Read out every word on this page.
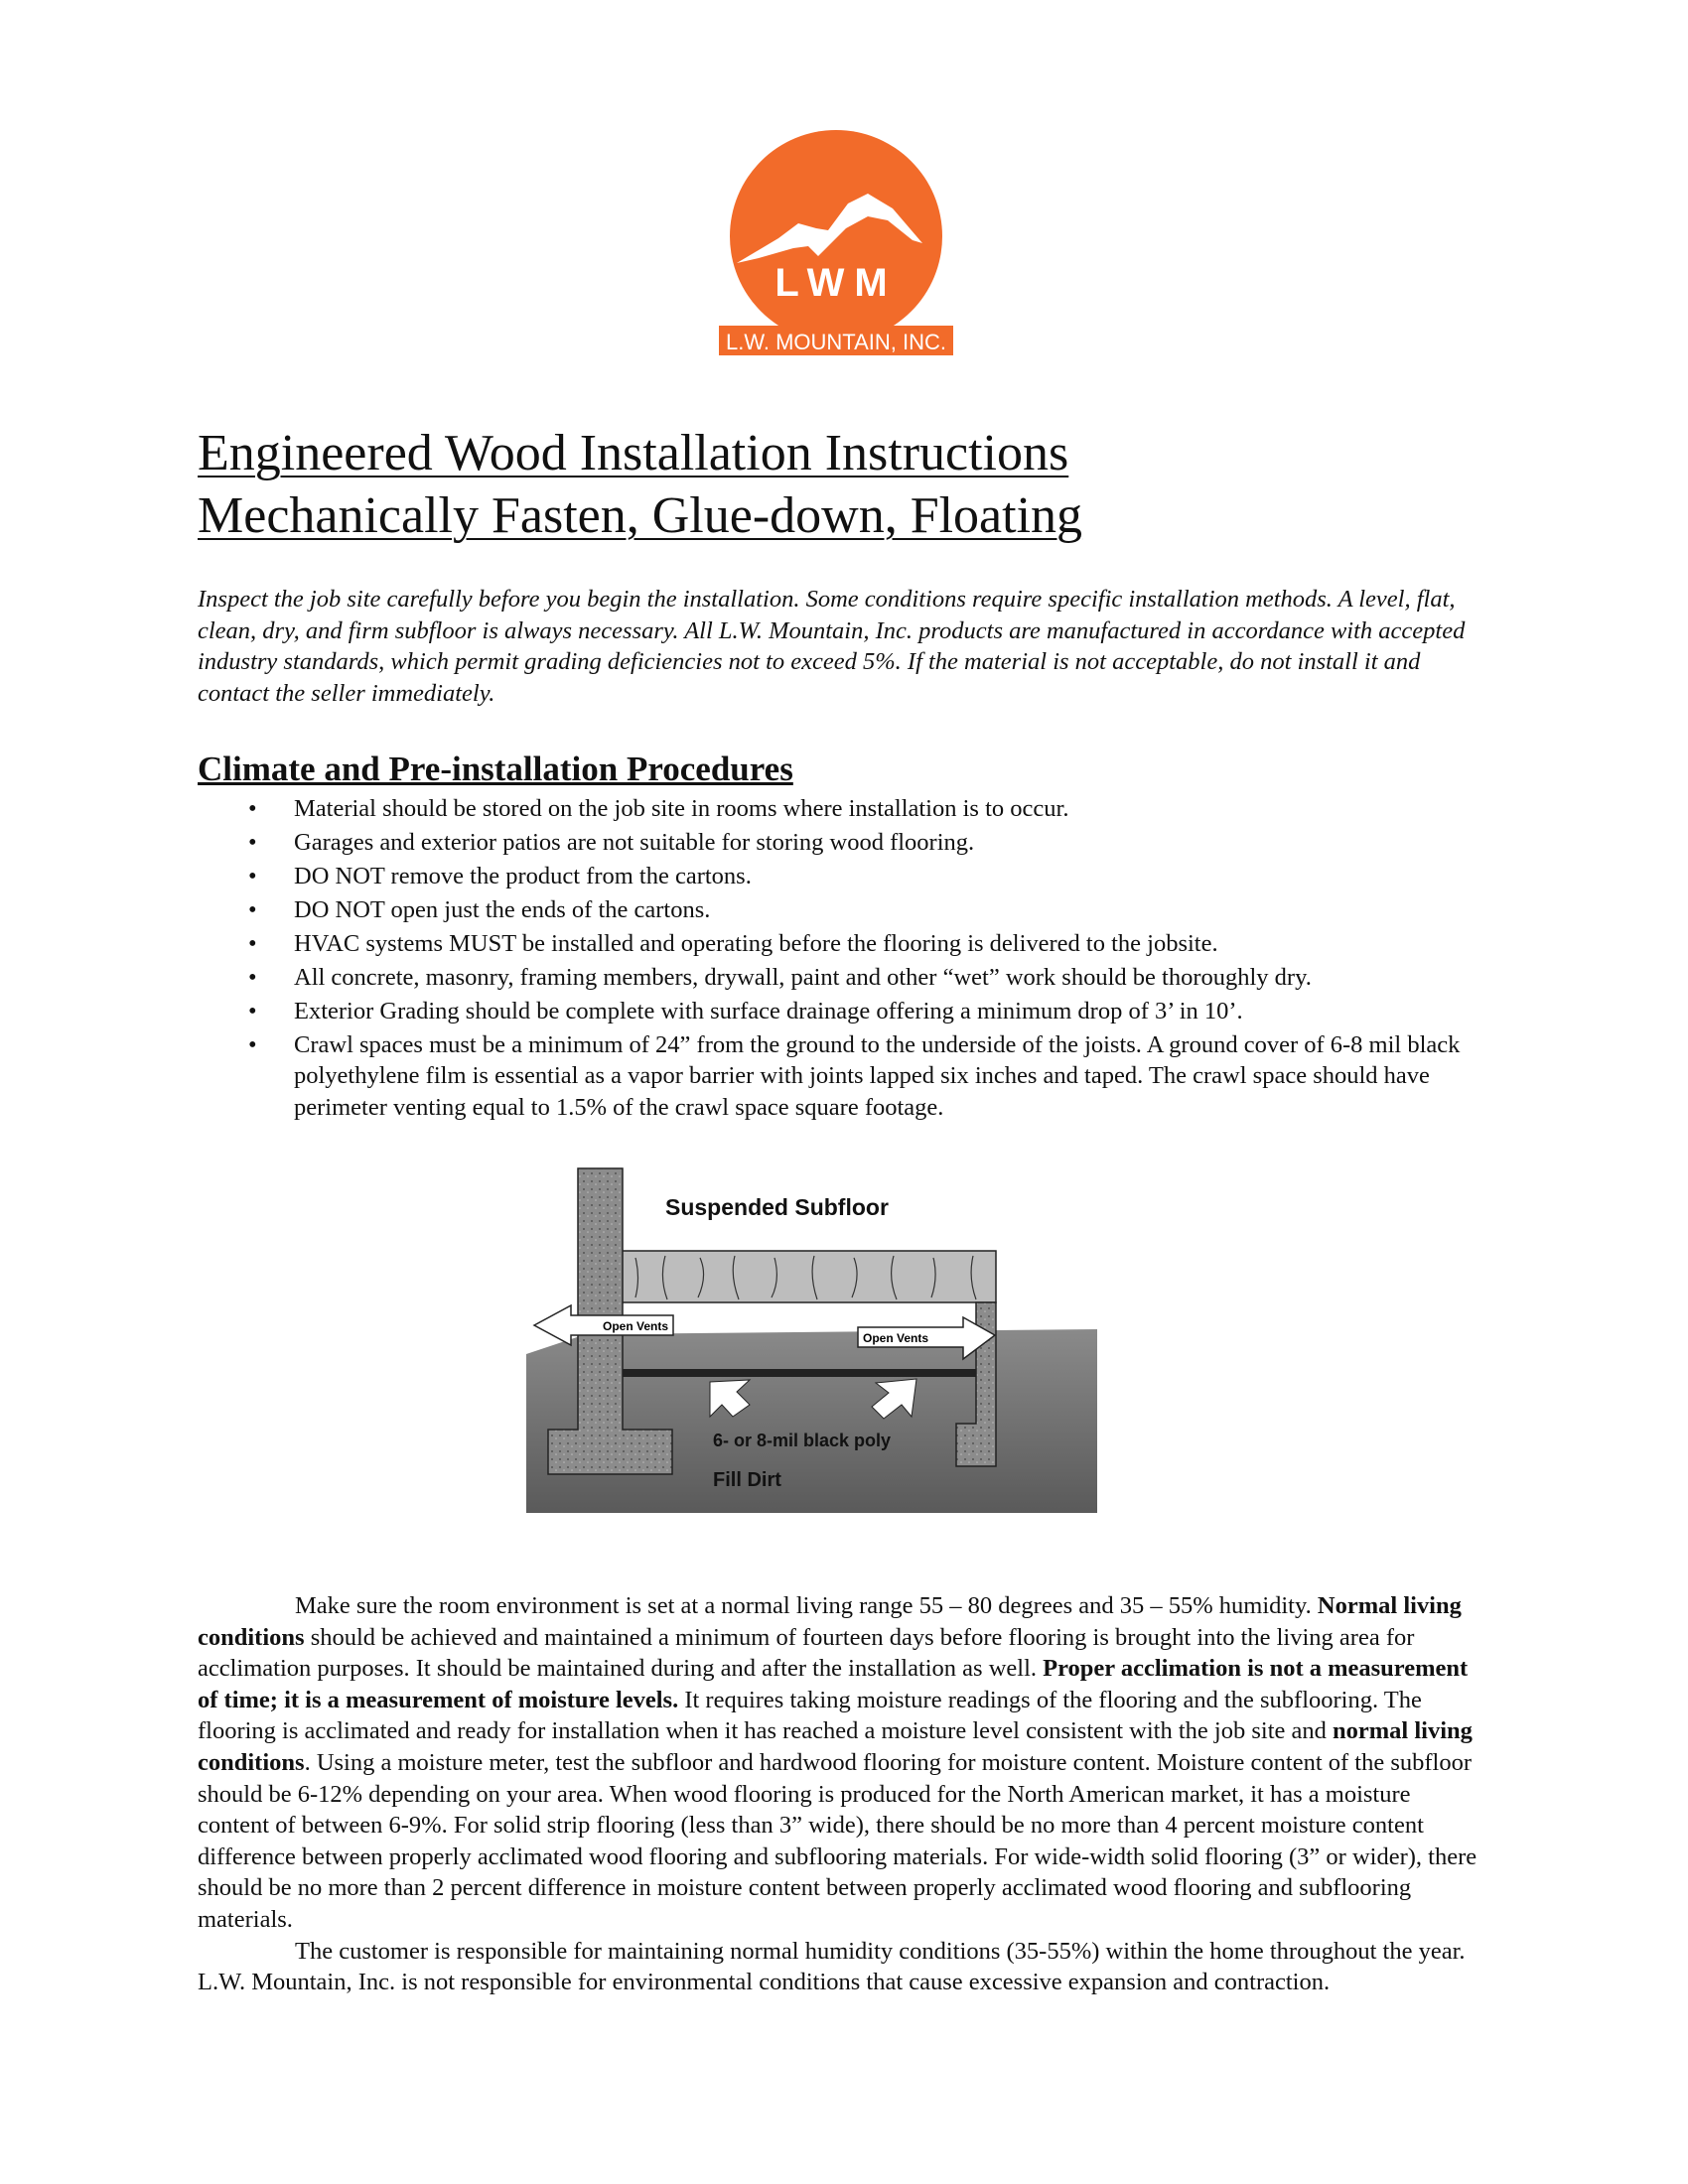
LWM
L.W. MOUNTAIN, INC.
Engineered Wood Installation Instructions
Mechanically Fasten, Glue-down, Floating

Inspect the job site carefully before you begin the installation. Some conditions require specific installation methods. A level, flat, clean, dry, and firm subfloor is always necessary. All L.W. Mountain, Inc. products are manufactured in accordance with accepted industry standards, which permit grading deficiencies not to exceed 5%. If the material is not acceptable, do not install it and contact the seller immediately.

Climate and Pre-installation Procedures
• Material should be stored on the job site in rooms where installation is to occur.
• Garages and exterior patios are not suitable for storing wood flooring.
• DO NOT remove the product from the cartons.
• DO NOT open just the ends of the cartons.
• HVAC systems MUST be installed and operating before the flooring is delivered to the jobsite.
• All concrete, masonry, framing members, drywall, paint and other “wet” work should be thoroughly dry.
• Exterior Grading should be complete with surface drainage offering a minimum drop of 3’ in 10’.
• Crawl spaces must be a minimum of 24” from the ground to the underside of the joists. A ground cover of 6-8 mil black polyethylene film is essential as a vapor barrier with joints lapped six inches and taped. The crawl space should have perimeter venting equal to 1.5% of the crawl space square footage.
Open Vents
Open Vents
Suspended Subfloor
6- or 8-mil black poly
Fill Dirt

Make sure the room environment is set at a normal living range 55 – 80 degrees and 35 – 55% humidity. Normal living conditions should be achieved and maintained a minimum of fourteen days before flooring is brought into the living area for acclimation purposes. It should be maintained during and after the installation as well. Proper acclimation is not a measurement of time; it is a measurement of moisture levels. It requires taking moisture readings of the flooring and the subflooring. The flooring is acclimated and ready for installation when it has reached a moisture level consistent with the job site and normal living conditions. Using a moisture meter, test the subfloor and hardwood flooring for moisture content. Moisture content of the subfloor should be 6-12% depending on your area. When wood flooring is produced for the North American market, it has a moisture content of between 6-9%. For solid strip flooring (less than 3” wide), there should be no more than 4 percent moisture content difference between properly acclimated wood flooring and subflooring materials. For wide-width solid flooring (3” or wider), there should be no more than 2 percent difference in moisture content between properly acclimated wood flooring and subflooring materials.

The customer is responsible for maintaining normal humidity conditions (35-55%) within the home throughout the year. L.W. Mountain, Inc. is not responsible for environmental conditions that cause excessive expansion and contraction.
